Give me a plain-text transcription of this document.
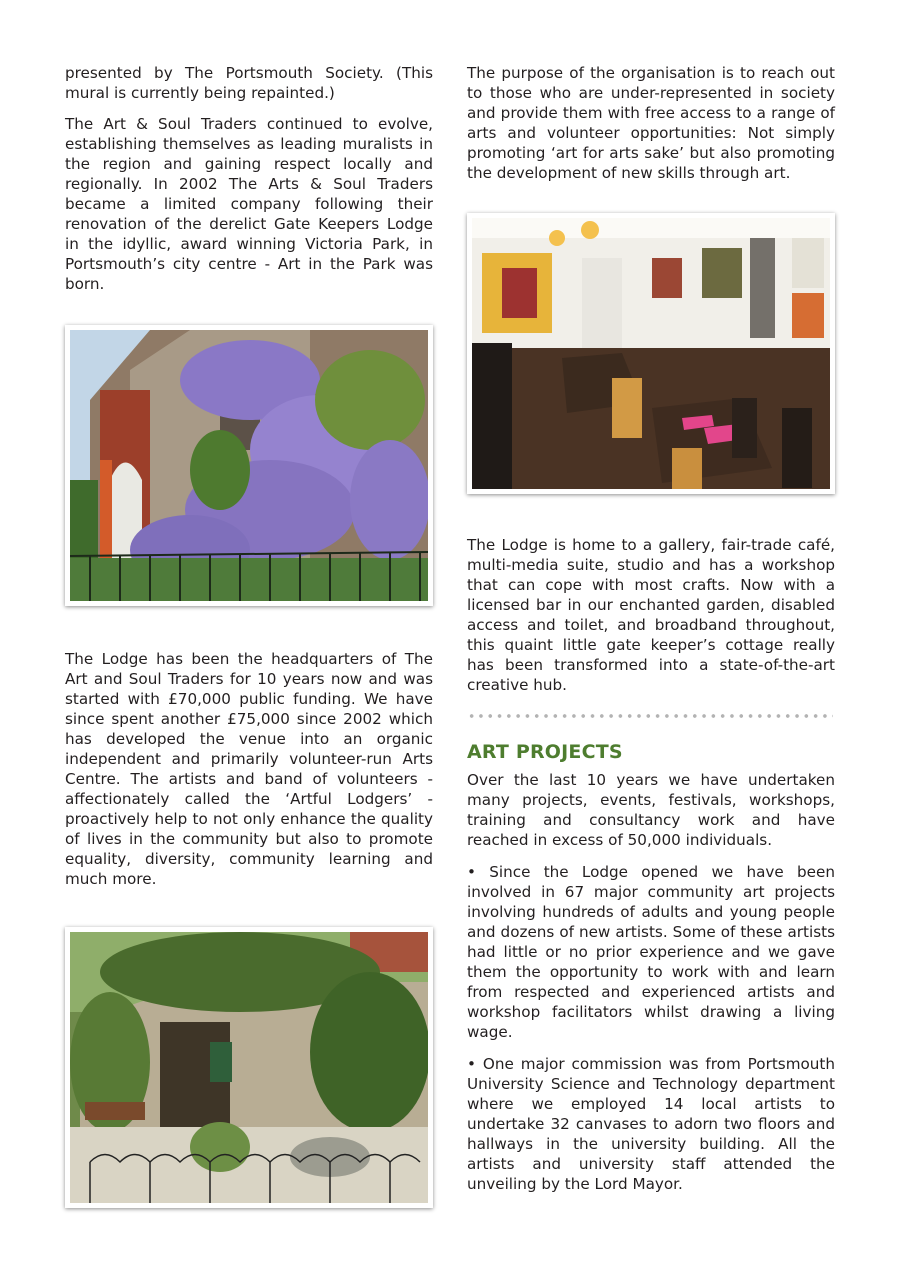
presented by The Portsmouth Society. (This mural is currently being repainted.)

The Art & Soul Traders continued to evolve, establishing themselves as leading muralists in the region and gaining respect locally and regionally. In 2002 The Arts & Soul Traders became a limited company following their renovation of the derelict Gate Keepers Lodge in the idyllic, award winning Victoria Park, in Portsmouth’s city centre - Art in the Park was born.

The Lodge has been the headquarters of The Art and Soul Traders for 10 years now and was started with £70,000 public funding. We have since spent another £75,000 since 2002 which has developed the venue into an organic independent and primarily volunteer-run Arts Centre. The artists and band of volunteers - affectionately called the ‘Artful Lodgers’ - proactively help to not only enhance the quality of lives in the community but also to promote equality, diversity, community learning and much more.

The purpose of the organisation is to reach out to those who are under-represented in society and provide them with free access to a range of arts and volunteer opportunities: Not simply promoting ‘art for arts sake’ but also promoting the development of new skills through art.

The Lodge is home to a gallery, fair-trade café, multi-media suite, studio and has a workshop that can cope with most crafts. Now with a licensed bar in our enchanted garden, disabled access and toilet, and broadband throughout, this quaint little gate keeper’s cottage really has been transformed into a state-of-the-art creative hub.

ART PROJECTS

Over the last 10 years we have undertaken many projects, events, festivals, workshops, training and consultancy work and have reached in excess of 50,000 individuals.

• Since the Lodge opened we have been involved in 67 major community art projects involving hundreds of adults and young people and dozens of new artists. Some of these artists had little or no prior experience and we gave them the opportunity to work with and learn from respected and experienced artists and workshop facilitators whilst drawing a living wage.

• One major commission was from Portsmouth University Science and Technology department where we employed 14 local artists to undertake 32 canvases to adorn two floors and hallways in the university building. All the artists and university staff attended the unveiling by the Lord Mayor.
